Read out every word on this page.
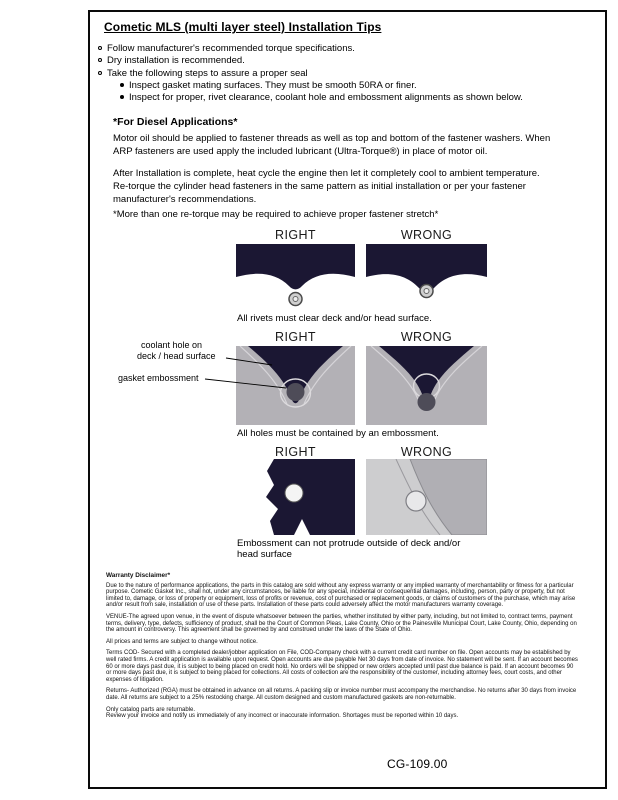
Cometic MLS (multi layer steel) Installation Tips
Follow manufacturer's recommended torque specifications.
Dry installation is recommended.
Take the following steps to assure a proper seal
Inspect gasket mating surfaces. They must be smooth 50RA or finer.
Inspect for proper, rivet clearance, coolant hole and embossment alignments as shown below.
*For Diesel Applications*
Motor oil should be applied to fastener threads as well as top and bottom of the fastener washers. When ARP fasteners are used apply the included lubricant (Ultra-Torque®) in place of motor oil.
After Installation is complete, heat cycle the engine then let it completely cool to ambient temperature. Re-torque the cylinder head fasteners in the same pattern as initial installation or per your fastener manufacturer's recommendations.
*More than one re-torque may be required to achieve proper fastener stretch*
RIGHT	WRONG
All rivets must clear deck and/or head surface.
RIGHT	WRONG
coolant hole on
deck / head surface
gasket embossment
All holes must be contained by an embossment.
RIGHT	WRONG
Embossment can not protrude outside of deck and/or head surface
Warranty Disclaimer*

Due to the nature of performance applications, the parts in this catalog are sold without any express warranty or any implied warranty of merchantability or fitness for a particular purpose. Cometic Gasket Inc., shall not, under any circumstances, be liable for any special, incidental or consequential damages, including, person, party or property, but not limited to, damage, or loss of property or equipment, loss of profits or revenue, cost of purchased or replacement goods, or claims of customers of the purchase, which may arise and/or result from sale, installation or use of these parts. Installation of these parts could adversely affect the motor manufacturers warranty coverage.

VENUE-The agreed upon venue, in the event of dispute whatsoever between the parties, whether instituted by either party, including, but not limited to, contract terms, payment terms, delivery, type, defects, sufficiency of product, shall be the Court of Common Pleas, Lake County, Ohio or the Painesville Municipal Court, Lake County, Ohio, depending on the amount in controversy. This agreement shall be governed by and construed under the laws of the State of Ohio.

All prices and terms are subject to change without notice.

Terms COD- Secured with a completed dealer/jobber application on File, COD-Company check with a current credit card number on file. Open accounts may be established by well rated firms. A credit application is available upon request. Open accounts are due payable Net 30 days from date of invoice. No statement will be sent. If an account becomes 60 or more days past due, it is subject to being placed on credit hold. No orders will be shipped or new orders accepted until past due balance is paid. If an account becomes 90 or more days past due, it is subject to being placed for collections. All costs of collection are the responsibility of the customer, including attorney fees, court costs, and other expenses of litigation.

Returns- Authorized (RGA) must be obtained in advance on all returns. A packing slip or invoice number must accompany the merchandise. No returns after 30 days from invoice date. All returns are subject to a 25% restocking charge. All custom designed and custom manufactured gaskets are non-returnable.

Only catalog parts are returnable.

Review your invoice and notify us immediately of any incorrect or inaccurate information. Shortages must be reported within 10 days.

CG-109.00
